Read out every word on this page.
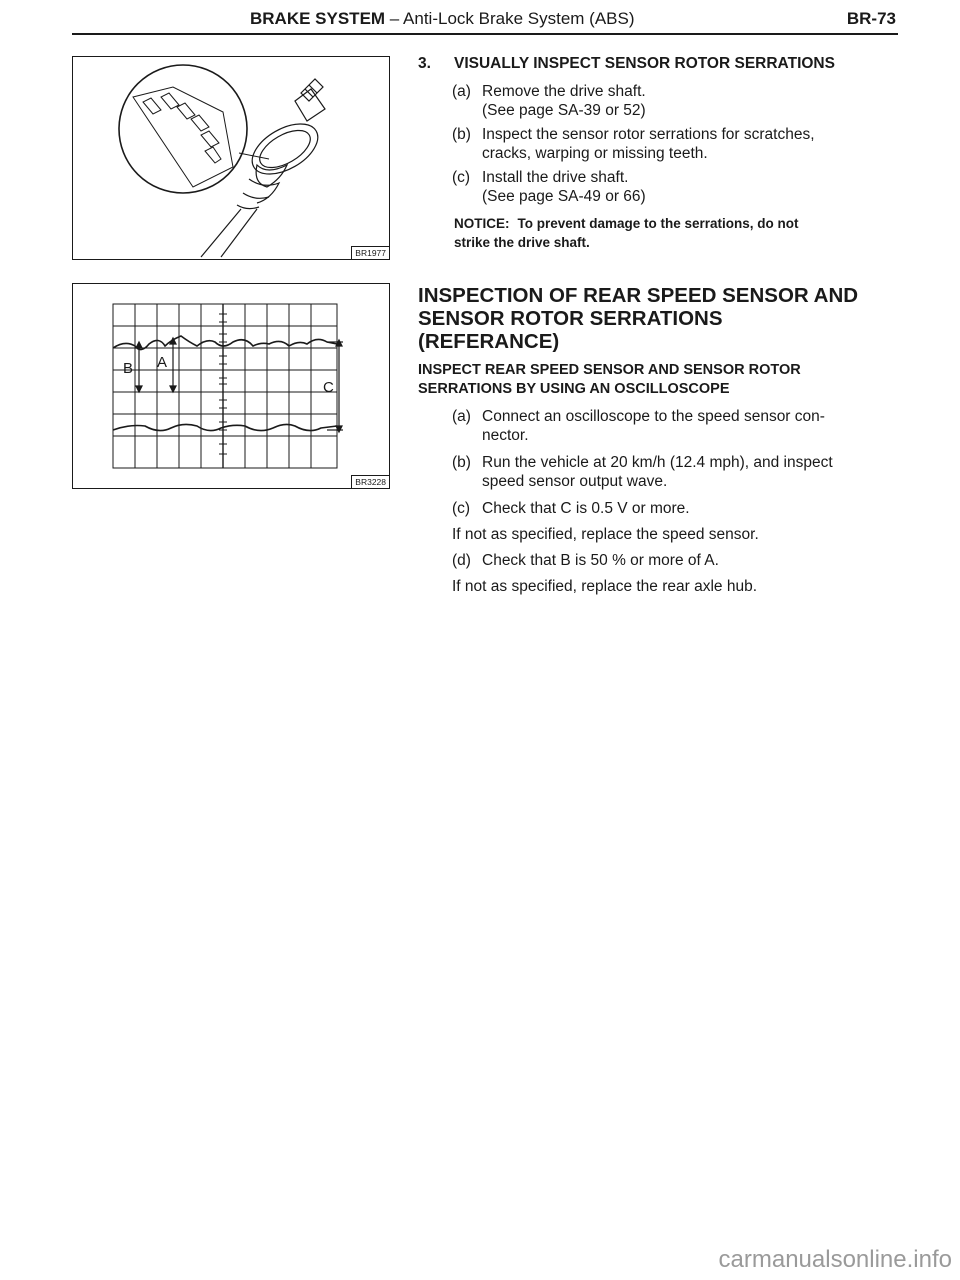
BRAKE SYSTEM – Anti-Lock Brake System (ABS)	BR-73
BR1977
B A
C
BR3228
3. VISUALLY INSPECT SENSOR ROTOR SERRATIONS
(a) Remove the drive shaft.
(See page SA-39 or 52)
(b) Inspect the sensor rotor serrations for scratches,
cracks, warping or missing teeth.
(c) Install the drive shaft.
(See page SA-49 or 66)
NOTICE: To prevent damage to the serrations, do not
strike the drive shaft.
INSPECTION OF REAR SPEED SENSOR AND
SENSOR ROTOR SERRATIONS
(REFERANCE)
INSPECT REAR SPEED SENSOR AND SENSOR ROTOR
SERRATIONS BY USING AN OSCILLOSCOPE
(a) Connect an oscilloscope to the speed sensor con-
nector.
(b) Run the vehicle at 20 km/h (12.4 mph), and inspect
speed sensor output wave.
(c) Check that C is 0.5 V or more.
If not as specified, replace the speed sensor.
(d) Check that B is 50 % or more of A.
If not as specified, replace the rear axle hub.
carmanualsonline.info
